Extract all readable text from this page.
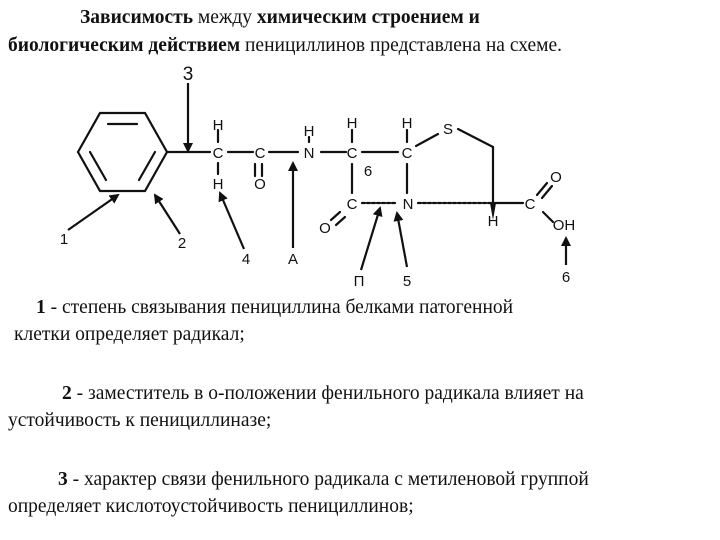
Зависимость между химическим строением и
биологическим действием пенициллинов представлена на схеме.
H
C
H
C
O
H
N
H
C
H
C
S
6
C
O
N
H
C
O
OH
3
1	2
4	A
П	5	6
1 - степень связывания пенициллина белками патогенной
клетки определяет радикал;
2 - заместитель в о-положении фенильного радикала влияет на
устойчивость к пенициллиназе;
3 - характер связи фенильного радикала с метиленовой группой
определяет кислотоустойчивость пенициллинов;
